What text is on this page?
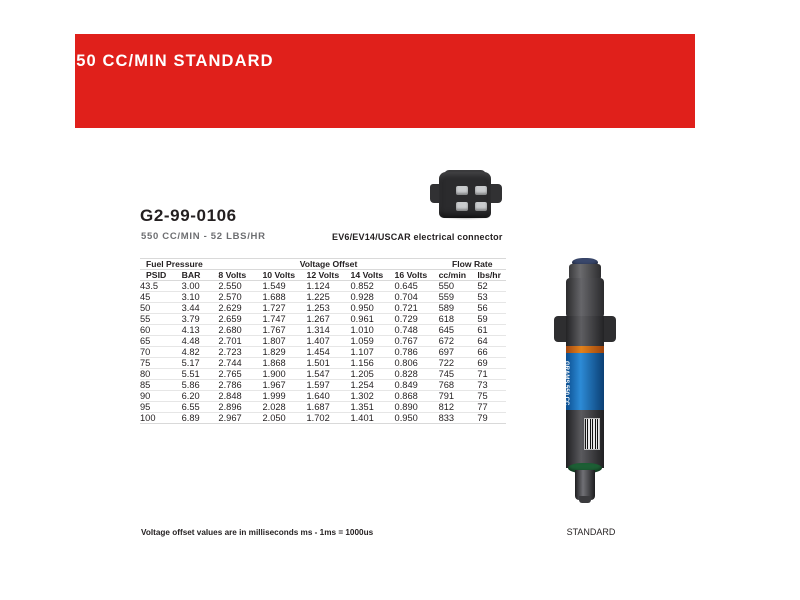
550 CC/MIN STANDARD
G2-99-0106
550 CC/MIN - 52 LBS/HR	EV6/EV14/USCAR electrical connector
Fuel Pressure		Voltage Offset					Flow Rate	
PSID	BAR	8 Volts	10 Volts	12 Volts	14 Volts	16 Volts	cc/min	lbs/hr
43.5	3.00	2.550	1.549	1.124	0.852	0.645	550	52
45	3.10	2.570	1.688	1.225	0.928	0.704	559	53
50	3.44	2.629	1.727	1.253	0.950	0.721	589	56
55	3.79	2.659	1.747	1.267	0.961	0.729	618	59
60	4.13	2.680	1.767	1.314	1.010	0.748	645	61
65	4.48	2.701	1.807	1.407	1.059	0.767	672	64
70	4.82	2.723	1.829	1.454	1.107	0.786	697	66
75	5.17	2.744	1.868	1.501	1.156	0.806	722	69
80	5.51	2.765	1.900	1.547	1.205	0.828	745	71
85	5.86	2.786	1.967	1.597	1.254	0.849	768	73
90	6.20	2.848	1.999	1.640	1.302	0.868	791	75
95	6.55	2.896	2.028	1.687	1.351	0.890	812	77
100	6.89	2.967	2.050	1.702	1.401	0.950	833	79
Voltage offset values are in milliseconds ms - 1ms = 1000us
GRAMS 550 CC
STANDARD
